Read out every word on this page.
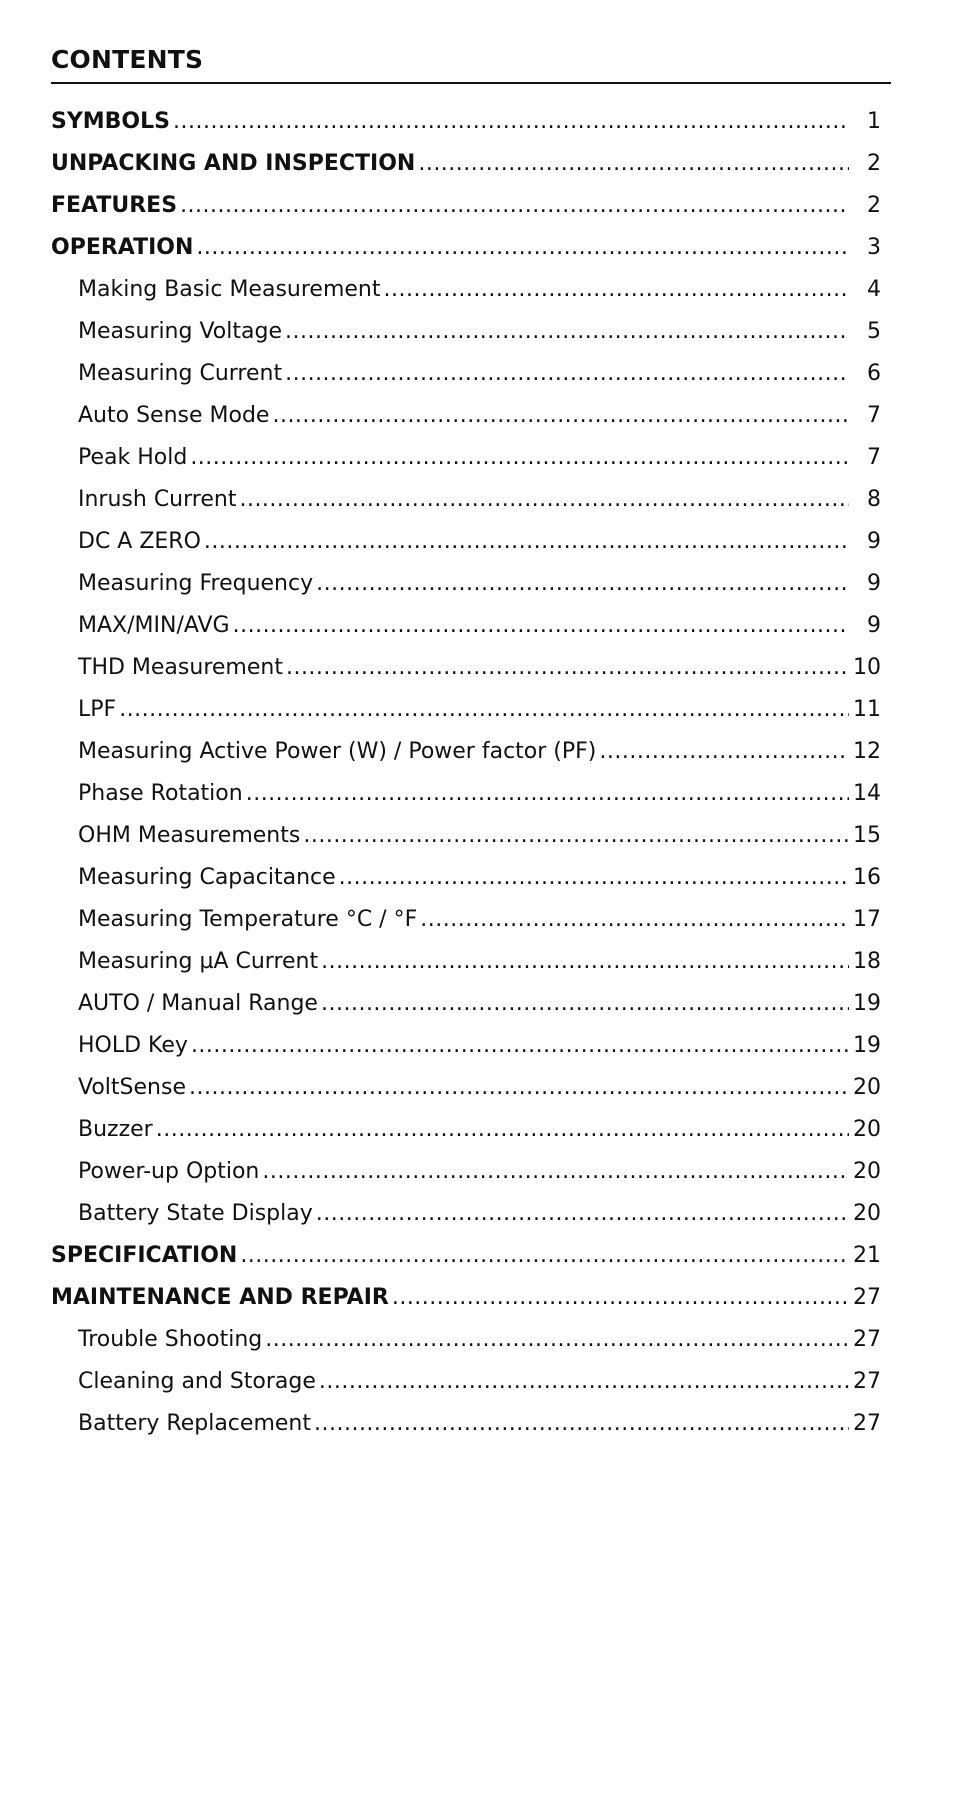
CONTENTS
SYMBOLS .....	1
UNPACKING AND INSPECTION .....	2
FEATURES .....	2
OPERATION .....	3
Making Basic Measurement .....	4
Measuring Voltage .....	5
Measuring Current .....	6
Auto Sense Mode .....	7
Peak Hold .....	7
Inrush Current .....	8
DC A ZERO .....	9
Measuring Frequency .....	9
MAX/MIN/AVG .....	9
THD Measurement .....	10
LPF .....	11
Measuring Active Power (W) / Power factor (PF) .....	12
Phase Rotation .....	14
OHM Measurements .....	15
Measuring Capacitance .....	16
Measuring Temperature °C / °F .....	17
Measuring µA Current .....	18
AUTO / Manual Range .....	19
HOLD Key .....	19
VoltSense .....	20
Buzzer .....	20
Power-up Option .....	20
Battery State Display .....	20
SPECIFICATION .....	21
MAINTENANCE AND REPAIR .....	27
Trouble Shooting .....	27
Cleaning and Storage .....	27
Battery Replacement .....	27
